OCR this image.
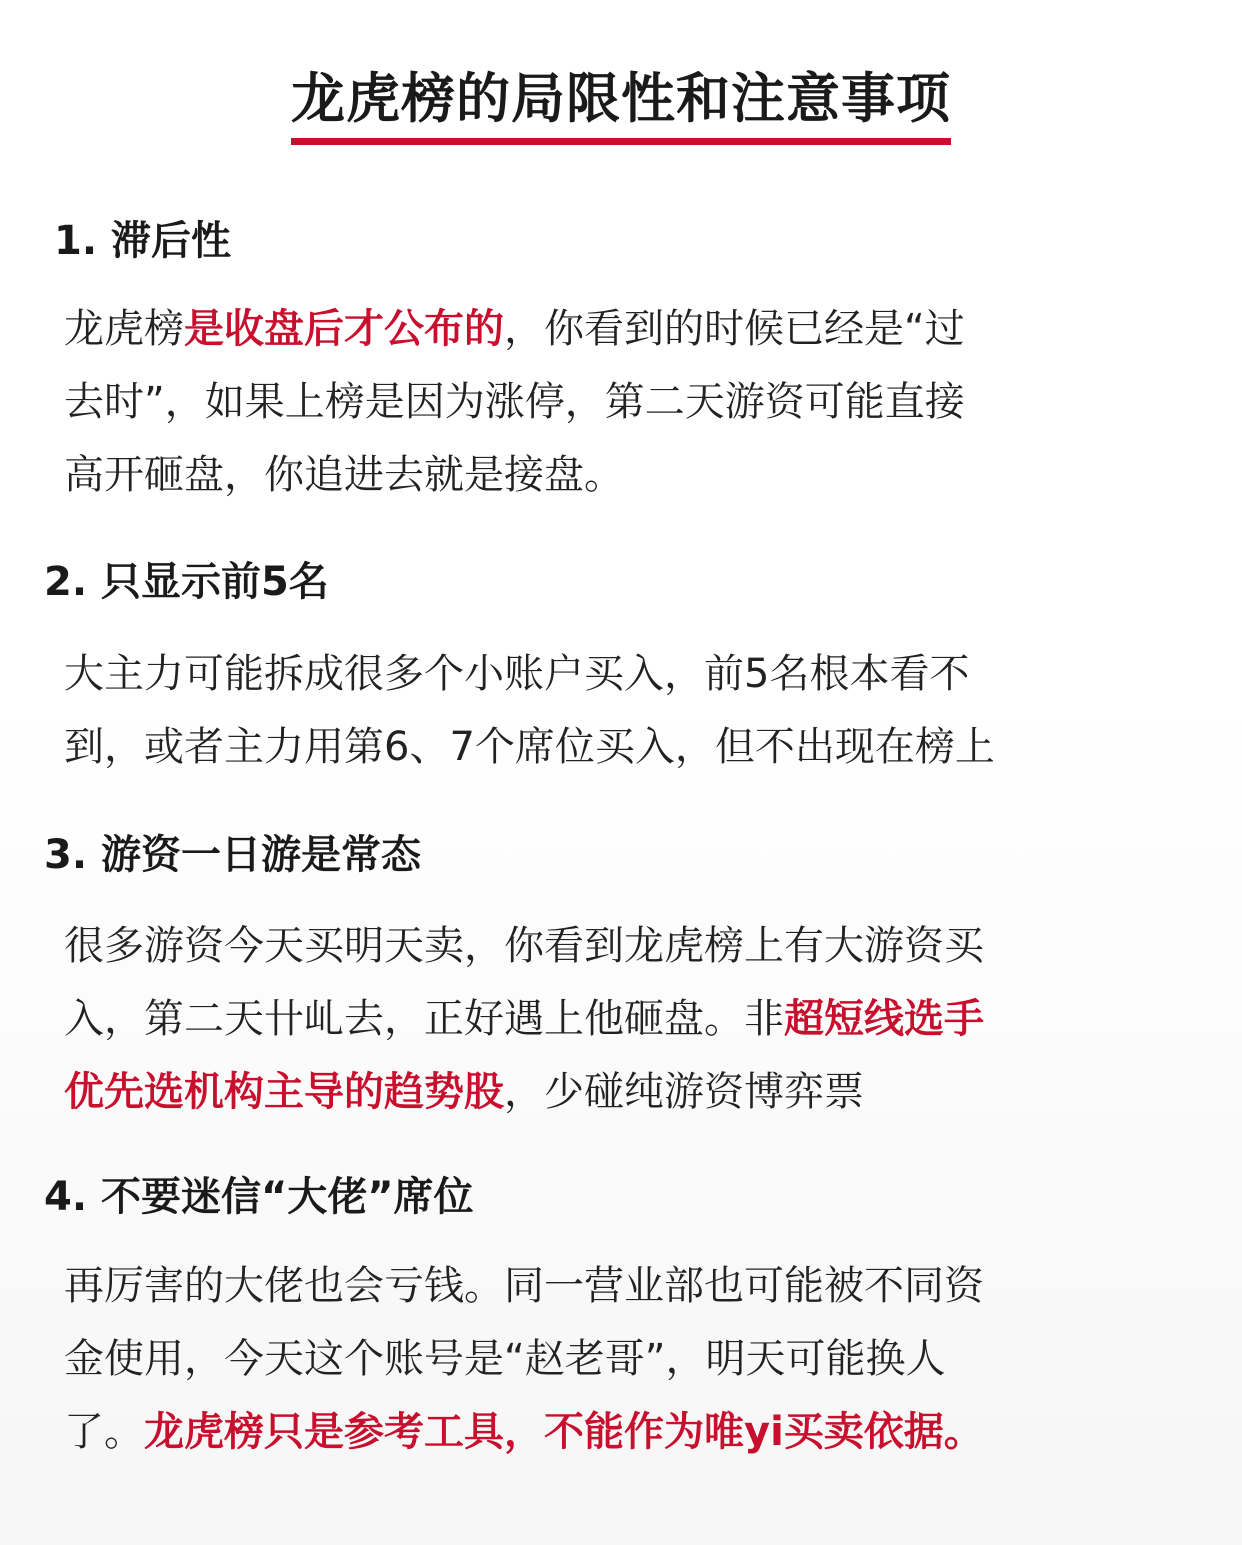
龙虎榜的局限性和注意事项
1. 滞后性
龙虎榜是收盘后才公布的，你看到的时候已经是“过
去时”，如果上榜是因为涨停，第二天游资可能直接
高开砸盘，你追进去就是接盘。
2. 只显示前5名
大主力可能拆成很多个小账户买入，前5名根本看不
到，或者主力用第6、7个席位买入，但不出现在榜上
3. 游资一日游是常态
很多游资今天买明天卖，你看到龙虎榜上有大游资买
入，第二天卄乢去，正好遇上他砸盘。非超短线选手
优先选机构主导的趋势股，少碰纯游资博弈票
4. 不要迷信“大佬”席位
再厉害的大佬也会亏钱。同一营业部也可能被不同资
金使用，今天这个账号是“赵老哥”，明天可能换人
了。龙虎榜只是参考工具，不能作为唯yi买卖依据。
